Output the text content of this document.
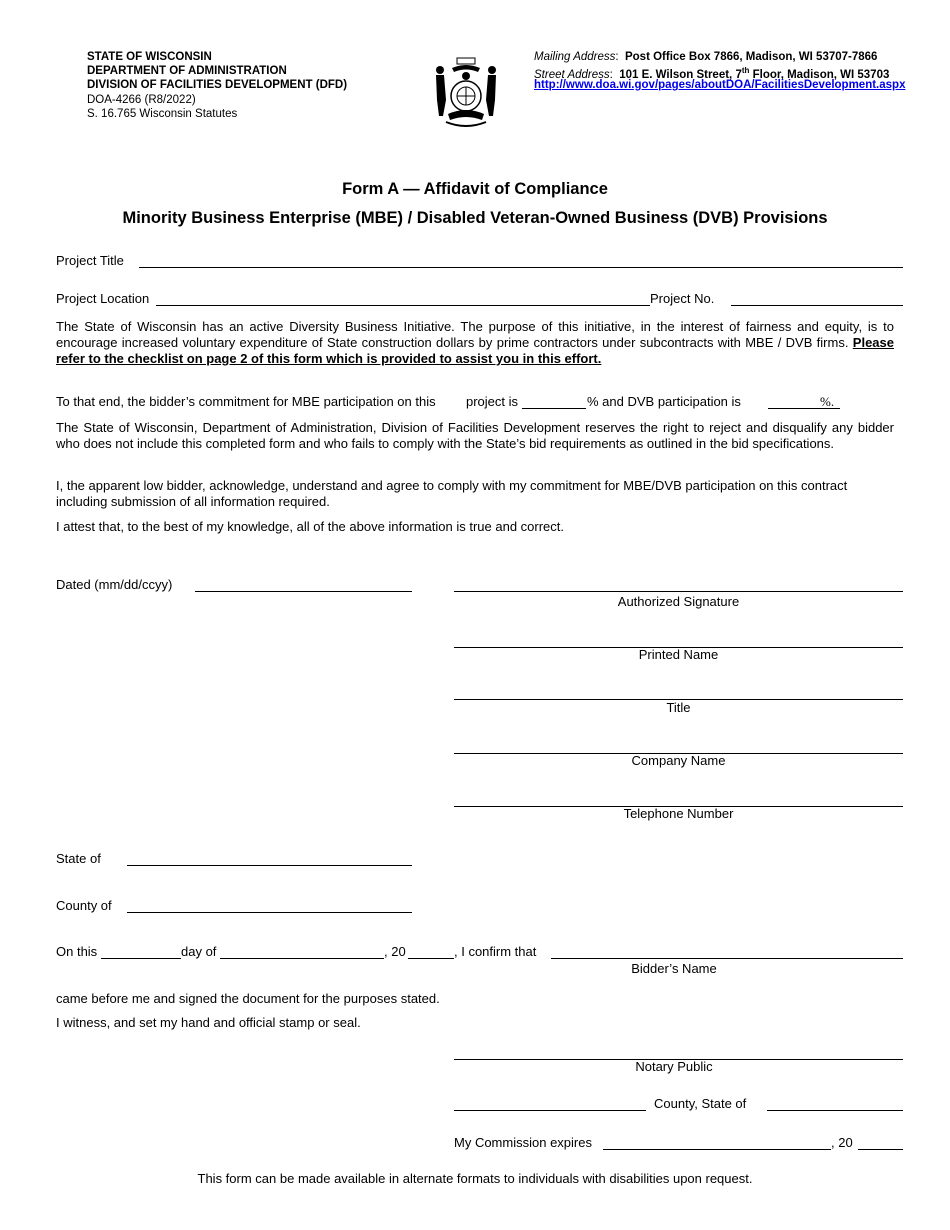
STATE OF WISCONSIN
DEPARTMENT OF ADMINISTRATION
DIVISION OF FACILITIES DEVELOPMENT (DFD)
DOA-4266 (R8/2022)
S. 16.765 Wisconsin Statutes
Mailing Address:  Post Office Box 7866, Madison, WI 53707-7866
Street Address:  101 E. Wilson Street, 7th Floor, Madison, WI 53703
http://www.doa.wi.gov/pages/aboutDOA/FacilitiesDevelopment.aspx
Form A — Affidavit of Compliance
Minority Business Enterprise (MBE) / Disabled Veteran-Owned Business (DVB) Provisions
Project Title
Project Location	Project No.
The State of Wisconsin has an active Diversity Business Initiative. The purpose of this initiative, in the interest of fairness and equity, is to encourage increased voluntary expenditure of State construction dollars by prime contractors under subcontracts with MBE / DVB firms. Please refer to the checklist on page 2 of this form which is provided to assist you in this effort.
To that end, the bidder’s commitment for MBE participation on this project is	% and DVB participation is	%.
The State of Wisconsin, Department of Administration, Division of Facilities Development reserves the right to reject and disqualify any bidder who does not include this completed form and who fails to comply with the State’s bid requirements as outlined in the bid specifications.
I, the apparent low bidder, acknowledge, understand and agree to comply with my commitment for MBE/DVB participation on this contract including submission of all information required.
I attest that, to the best of my knowledge, all of the above information is true and correct.
Dated (mm/dd/ccyy)
Authorized Signature
Printed Name
Title
Company Name
Telephone Number
State of
County of
On this	day of	, 20	, I confirm that
Bidder’s Name
came before me and signed the document for the purposes stated.
I witness, and set my hand and official stamp or seal.
Notary Public
County, State of
My Commission expires	, 20
This form can be made available in alternate formats to individuals with disabilities upon request.
